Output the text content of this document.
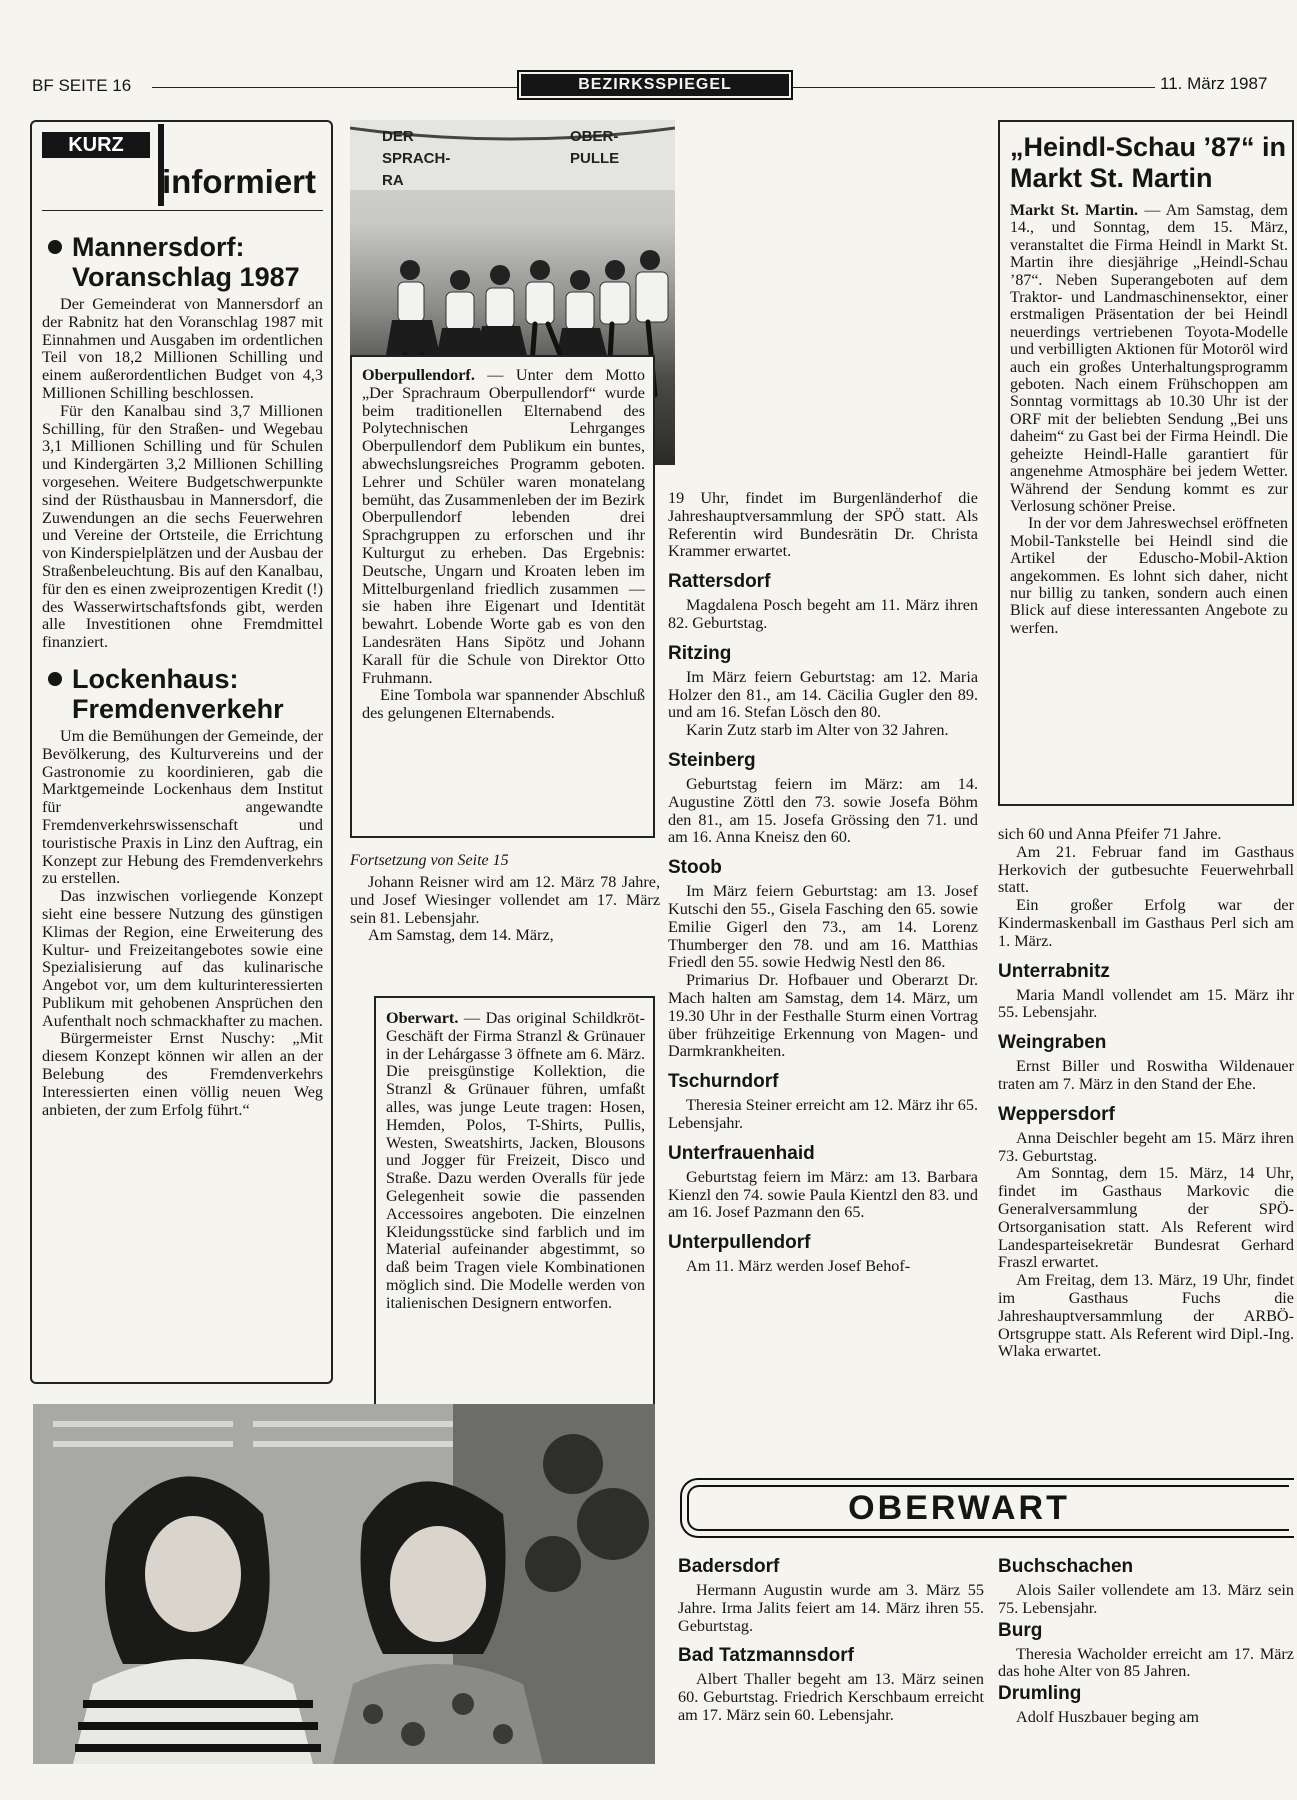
BF SEITE 16	BEZIRKSSPIEGEL	11. März 1987
KURZ
informiert
Mannersdorf: Voranschlag 1987

Der Gemeinderat von Mannersdorf an der Rabnitz hat den Voranschlag 1987 mit Einnahmen und Ausgaben im ordentlichen Teil von 18,2 Millionen Schilling und einem außerordentlichen Budget von 4,3 Millionen Schilling beschlossen.

Für den Kanalbau sind 3,7 Millionen Schilling, für den Straßen- und Wegebau 3,1 Millionen Schilling und für Schulen und Kindergärten 3,2 Millionen Schilling vorgesehen. Weitere Budgetschwerpunkte sind der Rüsthausbau in Mannersdorf, die Zuwendungen an die sechs Feuerwehren und Vereine der Ortsteile, die Errichtung von Kinderspielplätzen und der Ausbau der Straßenbeleuchtung. Bis auf den Kanalbau, für den es einen zweiprozentigen Kredit (!) des Wasserwirtschaftsfonds gibt, werden alle Investitionen ohne Fremdmittel finanziert.

Lockenhaus: Fremdenverkehr

Um die Bemühungen der Gemeinde, der Bevölkerung, des Kulturvereins und der Gastronomie zu koordinieren, gab die Marktgemeinde Lockenhaus dem Institut für angewandte Fremdenverkehrswissenschaft und touristische Praxis in Linz den Auftrag, ein Konzept zur Hebung des Fremdenverkehrs zu erstellen.

Das inzwischen vorliegende Konzept sieht eine bessere Nutzung des günstigen Klimas der Region, eine Erweiterung des Kultur- und Freizeitangebotes sowie eine Spezialisierung auf das kulinarische Angebot vor, um dem kulturinteressierten Publikum mit gehobenen Ansprüchen den Aufenthalt noch schmackhafter zu machen.

Bürgermeister Ernst Nuschy: „Mit diesem Konzept können wir allen an der Belebung des Fremdenverkehrs Interessierten einen völlig neuen Weg anbieten, der zum Erfolg führt.“

DER SPRACH-RA
OBER-PULLE

Oberpullendorf. — Unter dem Motto „Der Sprachraum Oberpullendorf“ wurde beim traditionellen Elternabend des Polytechnischen Lehrganges Oberpullendorf dem Publikum ein buntes, abwechslungsreiches Programm geboten. Lehrer und Schüler waren monatelang bemüht, das Zusammenleben der im Bezirk Oberpullendorf lebenden drei Sprachgruppen zu erforschen und ihr Kulturgut zu erheben. Das Ergebnis: Deutsche, Ungarn und Kroaten leben im Mittelburgenland friedlich zusammen — sie haben ihre Eigenart und Identität bewahrt. Lobende Worte gab es von den Landesräten Hans Sipötz und Johann Karall für die Schule von Direktor Otto Fruhmann.

Eine Tombola war spannender Abschluß des gelungenen Elternabends.

Fortsetzung von Seite 15

Johann Reisner wird am 12. März 78 Jahre, und Josef Wiesinger vollendet am 17. März sein 81. Lebensjahr.

Am Samstag, dem 14. März,

Oberwart. — Das original Schildkröt-Geschäft der Firma Stranzl & Grünauer in der Lehárgasse 3 öffnete am 6. März. Die preisgünstige Kollektion, die Stranzl & Grünauer führen, umfaßt alles, was junge Leute tragen: Hosen, Hemden, Polos, T-Shirts, Pullis, Westen, Sweatshirts, Jacken, Blousons und Jogger für Freizeit, Disco und Straße. Dazu werden Overalls für jede Gelegenheit sowie die passenden Accessoires angeboten. Die einzelnen Kleidungsstücke sind farblich und im Material aufeinander abgestimmt, so daß beim Tragen viele Kombinationen möglich sind. Die Modelle werden von italienischen Designern entworfen.

19 Uhr, findet im Burgenländerhof die Jahreshauptversammlung der SPÖ statt. Als Referentin wird Bundesrätin Dr. Christa Krammer erwartet.

Rattersdorf

Magdalena Posch begeht am 11. März ihren 82. Geburtstag.

Ritzing

Im März feiern Geburtstag: am 12. Maria Holzer den 81., am 14. Cäcilia Gugler den 89. und am 16. Stefan Lösch den 80.

Karin Zutz starb im Alter von 32 Jahren.

Steinberg

Geburtstag feiern im März: am 14. Augustine Zöttl den 73. sowie Josefa Böhm den 81., am 15. Josefa Grössing den 71. und am 16. Anna Kneisz den 60.

Stoob

Im März feiern Geburtstag: am 13. Josef Kutschi den 55., Gisela Fasching den 65. sowie Emilie Gigerl den 73., am 14. Lorenz Thumberger den 78. und am 16. Matthias Friedl den 55. sowie Hedwig Nestl den 86.

Primarius Dr. Hofbauer und Oberarzt Dr. Mach halten am Samstag, dem 14. März, um 19.30 Uhr in der Festhalle Sturm einen Vortrag über frühzeitige Erkennung von Magen- und Darmkrankheiten.

Tschurndorf

Theresia Steiner erreicht am 12. März ihr 65. Lebensjahr.

Unterfrauenhaid

Geburtstag feiern im März: am 13. Barbara Kienzl den 74. sowie Paula Kientzl den 83. und am 16. Josef Pazmann den 65.

Unterpullendorf

Am 11. März werden Josef Behof-

„Heindl-Schau ’87“ in Markt St. Martin

Markt St. Martin. — Am Samstag, dem 14., und Sonntag, dem 15. März, veranstaltet die Firma Heindl in Markt St. Martin ihre diesjährige „Heindl-Schau ’87“. Neben Superangeboten auf dem Traktor- und Landmaschinensektor, einer erstmaligen Präsentation der bei Heindl neuerdings vertriebenen Toyota-Modelle und verbilligten Aktionen für Motoröl wird auch ein großes Unterhaltungsprogramm geboten. Nach einem Frühschoppen am Sonntag vormittags ab 10.30 Uhr ist der ORF mit der beliebten Sendung „Bei uns daheim“ zu Gast bei der Firma Heindl. Die geheizte Heindl-Halle garantiert für angenehme Atmosphäre bei jedem Wetter. Während der Sendung kommt es zur Verlosung schöner Preise.

In der vor dem Jahreswechsel eröffneten Mobil-Tankstelle bei Heindl sind die Artikel der Eduscho-Mobil-Aktion angekommen. Es lohnt sich daher, nicht nur billig zu tanken, sondern auch einen Blick auf diese interessanten Angebote zu werfen.

sich 60 und Anna Pfeifer 71 Jahre.

Am 21. Februar fand im Gasthaus Herkovich der gutbesuchte Feuerwehrball statt.

Ein großer Erfolg war der Kindermaskenball im Gasthaus Perl sich am 1. März.

Unterrabnitz

Maria Mandl vollendet am 15. März ihr 55. Lebensjahr.

Weingraben

Ernst Biller und Roswitha Wildenauer traten am 7. März in den Stand der Ehe.

Weppersdorf

Anna Deischler begeht am 15. März ihren 73. Geburtstag.

Am Sonntag, dem 15. März, 14 Uhr, findet im Gasthaus Markovic die Generalversammlung der SPÖ-Ortsorganisation statt. Als Referent wird Landesparteisekretär Bundesrat Gerhard Fraszl erwartet.

Am Freitag, dem 13. März, 19 Uhr, findet im Gasthaus Fuchs die Jahreshauptversammlung der ARBÖ-Ortsgruppe statt. Als Referent wird Dipl.-Ing. Wlaka erwartet.

OBERWART
Badersdorf

Hermann Augustin wurde am 3. März 55 Jahre. Irma Jalits feiert am 14. März ihren 55. Geburtstag.

Bad Tatzmannsdorf

Albert Thaller begeht am 13. März seinen 60. Geburtstag. Friedrich Kerschbaum erreicht am 17. März sein 60. Lebensjahr.

Buchschachen

Alois Sailer vollendete am 13. März sein 75. Lebensjahr.

Burg

Theresia Wacholder erreicht am 17. März das hohe Alter von 85 Jahren.

Drumling

Adolf Huszbauer beging am
